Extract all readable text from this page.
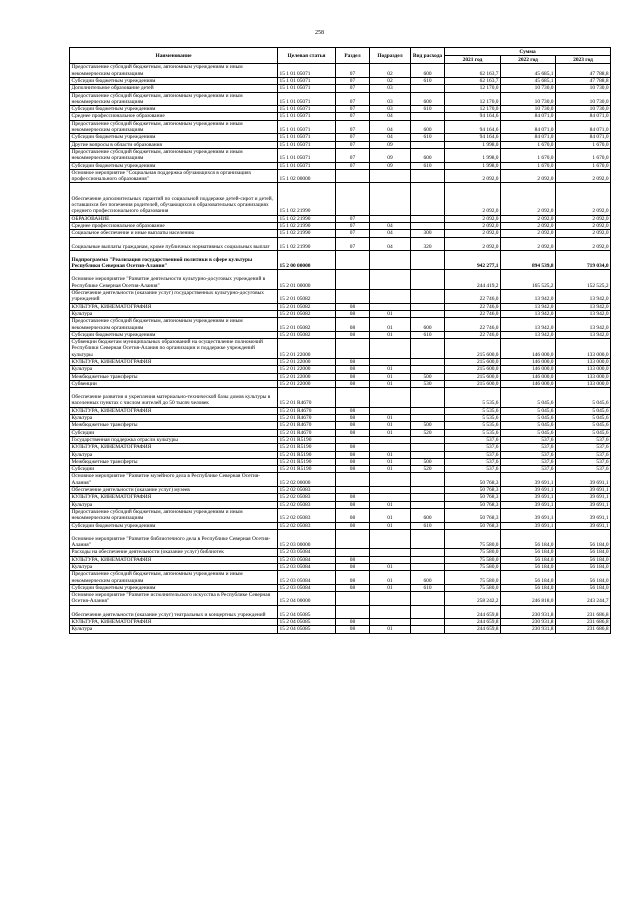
258
Наименование	Целевая статья	Раздел	Подраздел	Вид расхода	Сумма		
					2021 год	2022 год	2023 год
Предоставление субсидий бюджетным, автономным учреждениям и иным некоммерческим организациям	15 1 01 05071	07	02	600	62 163,7	45 685,1	47 788,8
Субсидии бюджетным учреждениям	15 1 01 05071	07	02	610	62 163,7	45 685,1	47 788,8
Дополнительное образование детей	15 1 01 05071	07	03		12 170,0	10 730,0	10 730,0
Предоставление субсидий бюджетным, автономным учреждениям и иным некоммерческим организациям	15 1 01 05071	07	03	600	12 170,0	10 730,0	10 730,0
Субсидии бюджетным учреждениям	15 1 01 05071	07	03	610	12 170,0	10 730,0	10 730,0
Среднее профессиональное образование	15 1 01 05071	07	04		94 164,6	84 071,0	84 071,0
Предоставление субсидий бюджетным, автономным учреждениям и иным некоммерческим организациям	15 1 01 05071	07	04	600	94 164,6	84 071,0	84 071,0
Субсидии бюджетным учреждениям	15 1 01 05071	07	04	610	94 164,6	84 071,0	84 071,0
Другие вопросы в области образования	15 1 01 05071	07	09		1 998,0	1 670,0	1 670,0
Предоставление субсидий бюджетным, автономным учреждениям и иным некоммерческим организациям	15 1 01 05071	07	09	600	1 998,0	1 670,0	1 670,0
Субсидии бюджетным учреждениям	15 1 01 05071	07	09	610	1 998,0	1 670,0	1 670,0
Основное мероприятие "Социальная поддержка обучающихся в организациях профессионального образования"	15 1 02 00000				2 092,0	2 092,0	2 092,0
Обеспечение дополнительных гарантий по социальной поддержке детей-сирот и детей, оставшихся без попечения родителей, обучающихся в образовательных организациях среднего профессионального образования	15 1 02 21990				2 092,0	2 092,0	2 092,0
ОБРАЗОВАНИЕ	15 1 02 21990	07			2 092,0	2 092,0	2 092,0
Среднее профессиональное образование	15 1 02 21990	07	04		2 092,0	2 092,0	2 092,0
Социальное обеспечение и иные выплаты населению	15 1 02 21990	07	04	300	2 092,0	2 092,0	2 092,0
Социальные выплаты гражданам, кроме публичных нормативных социальных выплат	15 1 02 21990	07	04	320	2 092,0	2 092,0	2 092,0
Подпрограмма "Реализация государственной политики в сфере культуры Республики Северная Осетия-Алания"	15 2 00 00000				942 277,1	894 539,8	719 034,0
Основное мероприятие "Развитие деятельности культурно-досуговых учреждений в Республике Северная Осетия-Алания"	15 2 01 00000				244 419,2	165 525,2	152 525,2
Обеспечение деятельности (оказание услуг) государственных культурно-досуговых учреждений	15 2 01 05082				22 746,0	13 942,0	13 942,0
КУЛЬТУРА, КИНЕМАТОГРАФИЯ	15 2 01 05082	08			22 746,0	13 942,0	13 942,0
Культура	15 2 01 05082	08	01		22 746,0	13 942,0	13 942,0
Предоставление субсидий бюджетным, автономным учреждениям и иным некоммерческим организациям	15 2 01 05082	08	01	600	22 746,0	13 942,0	13 942,0
Субсидии бюджетным учреждениям	15 2 01 05082	08	01	610	22 746,0	13 942,0	13 942,0
Субвенции бюджетам муниципальных образований на осуществление полномочий Республики Северная Осетия-Алания по организации и поддержке учреждений культуры	15 2 01 22000				215 600,0	146 000,0	133 000,0
КУЛЬТУРА, КИНЕМАТОГРАФИЯ	15 2 01 22000	08			215 600,0	146 000,0	133 000,0
Культура	15 2 01 22000	08	01		215 600,0	146 000,0	133 000,0
Межбюджетные трансферты	15 2 01 22000	08	01	500	215 600,0	146 000,0	133 000,0
Субвенции	15 2 01 22000	08	01	530	215 600,0	146 000,0	133 000,0
Обеспечение развития и укрепления материально-технической базы домов культуры в населенных пунктах с числом жителей до 50 тысяч человек	15 2 01 R4670				5 535,6	5 045,6	5 045,6
КУЛЬТУРА, КИНЕМАТОГРАФИЯ	15 2 01 R4670	08			5 535,6	5 045,6	5 045,6
Культура	15 2 01 R4670	08	01		5 535,6	5 045,6	5 045,6
Межбюджетные трансферты	15 2 01 R4670	08	01	500	5 535,6	5 045,6	5 045,6
Субсидии	15 2 01 R4670	08	01	520	5 535,6	5 045,6	5 045,6
Государственная поддержка отрасли культуры	15 2 01 R5190				537,6	537,6	537,6
КУЛЬТУРА, КИНЕМАТОГРАФИЯ	15 2 01 R5190	08			537,6	537,6	537,6
Культура	15 2 01 R5190	08	01		537,6	537,6	537,6
Межбюджетные трансферты	15 2 01 R5190	08	01	500	537,6	537,6	537,6
Субсидии	15 2 01 R5190	08	01	520	537,6	537,6	537,6
Основное мероприятие "Развитие музейного дела в Республике Северная Осетия-Алания"	15 2 02 00000				50 768,3	39 691,1	39 691,1
Обеспечение деятельности (оказание услуг) музеев	15 2 02 05083				50 768,3	39 691,1	39 691,1
КУЛЬТУРА, КИНЕМАТОГРАФИЯ	15 2 02 05083	08			50 768,3	39 691,1	39 691,1
Культура	15 2 02 05083	08	01		50 768,3	39 691,1	39 691,1
Предоставление субсидий бюджетным, автономным учреждениям и иным некоммерческим организациям	15 2 02 05083	08	01	600	50 768,3	39 691,1	39 691,1
Субсидии бюджетным учреждениям	15 2 02 05083	08	01	610	50 768,3	39 691,1	39 691,1
Основное мероприятие "Развитие библиотечного дела в Республике Северная Осетия-Алания"	15 2 03 00000				75 580,0	56 184,0	56 184,0
Расходы на обеспечение деятельности (оказание услуг) библиотек	15 2 03 05084				75 580,0	56 184,0	56 184,0
КУЛЬТУРА, КИНЕМАТОГРАФИЯ	15 2 03 05084	08			75 580,0	56 184,0	56 184,0
Культура	15 2 03 05084	08	01		75 580,0	56 184,0	56 184,0
Предоставление субсидий бюджетным, автономным учреждениям и иным некоммерческим организациям	15 2 03 05084	08	01	600	75 580,0	56 184,0	56 184,0
Субсидии бюджетным учреждениям	15 2 03 05084	08	01	610	75 580,0	56 184,0	56 184,0
Основное мероприятие "Развитие исполнительского искусства в Республике Северная Осетия-Алания"	15 2 04 00000				258 242,2	246 818,0	243 244,7
Обеспечение деятельности (оказание услуг) театральных и концертных учреждений	15 2 04 05085				244 659,8	230 931,8	231 686,8
КУЛЬТУРА, КИНЕМАТОГРАФИЯ	15 2 04 05085	08			244 659,8	230 931,8	231 686,8
Культура	15 2 04 05085	08	01		244 659,8	230 931,8	231 686,8
